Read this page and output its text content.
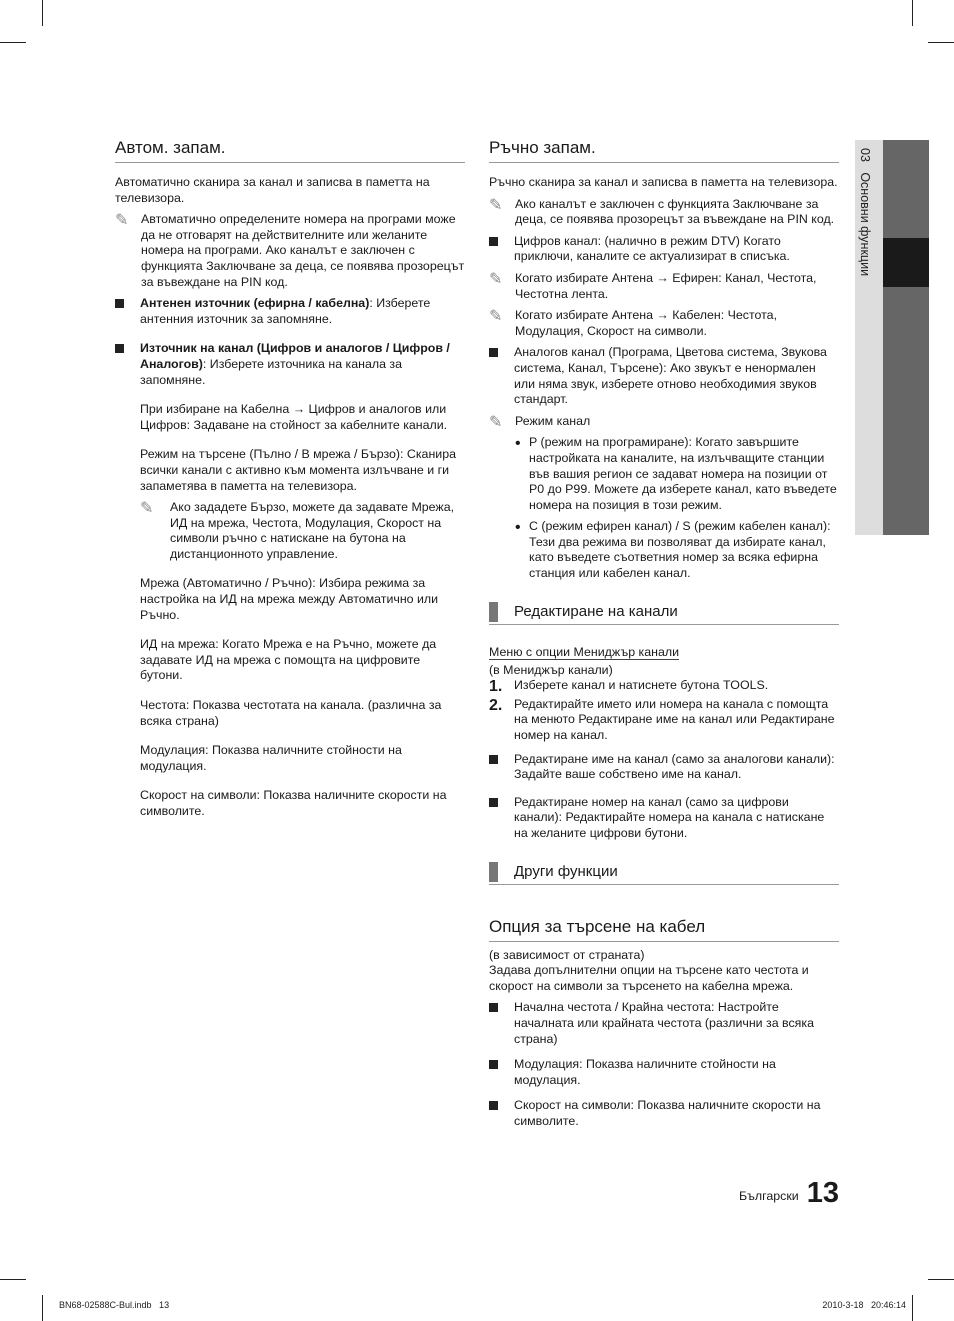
Автом. запам.

Автоматично сканира за канал и записва в паметта на телевизора.

✎ Автоматично определените номера на програми може да не отговарят на действителните или желаните номера на програми. Ако каналът е заключен с функцията Заключване за деца, се появява прозорецът за въвеждане на PIN код.

Антенен източник (ефирна / кабелна): Изберете антенния източник за запомняне.

Източник на канал (Цифров и аналогов / Цифров / Аналогов): Изберете източника на канала за запомняне.

При избиране на Кабелна → Цифров и аналогов или Цифров: Задаване на стойност за кабелните канали.

Режим на търсене (Пълно / В мрежа / Бързо): Сканира всички канали с активно към момента излъчване и ги запаметява в паметта на телевизора.

✎ Ако зададете Бързо, можете да задавате Мрежа, ИД на мрежа, Честота, Модулация, Скорост на символи ръчно с натискане на бутона на дистанционното управление.

Мрежа (Автоматично / Ръчно): Избира режима за настройка на ИД на мрежа между Автоматично или Ръчно.

ИД на мрежа: Когато Мрежа е на Ръчно, можете да задавате ИД на мрежа с помощта на цифровите бутони.

Честота: Показва честотата на канала. (различна за всяка страна)

Модулация: Показва наличните стойности на модулация.

Скорост на символи: Показва наличните скорости на символите.

Ръчно запам.

Ръчно сканира за канал и записва в паметта на телевизора.

✎ Ако каналът е заключен с функцията Заключване за деца, се появява прозорецът за въвеждане на PIN код.

Цифров канал: (налично в режим DTV) Когато приключи, каналите се актуализират в списъка.

✎ Когато избирате Антена → Ефирен: Канал, Честота, Честотна лента.

✎ Когато избирате Антена → Кабелен: Честота, Модулация, Скорост на символи.

Аналогов канал (Програма, Цветова система, Звукова система, Канал, Търсене): Ако звукът е ненормален или няма звук, изберете отново необходимия звуков стандарт.

✎ Режим канал

• P (режим на програмиране): Когато завършите настройката на каналите, на излъчващите станции във вашия регион се задават номера на позиции от P0 до P99. Можете да изберете канал, като въведете номера на позиция в този режим.

• C (режим ефирен канал) / S (режим кабелен канал): Тези два режима ви позволяват да избирате канал, като въведете съответния номер за всяка ефирна станция или кабелен канал.

Редактиране на канали
Меню с опции Мениджър канали

(в Мениджър канали)

1. Изберете канал и натиснете бутона TOOLS.

2. Редактирайте името или номера на канала с помощта на менюто Редактиране име на канал или Редактиране номер на канал.

Редактиране име на канал (само за аналогови канали): Задайте ваше собствено име на канал.

Редактиране номер на канал (само за цифрови канали): Редактирайте номера на канала с натискане на желаните цифрови бутони.

Други функции
Опция за търсене на кабел

(в зависимост от страната)

Задава допълнителни опции на търсене като честота и скорост на символи за търсенето на кабелна мрежа.

Начална честота / Крайна честота: Настройте началната или крайната честота (различни за всяка страна)

Модулация: Показва наличните стойности на модулация.

Скорост на символи: Показва наличните скорости на символите.

03   Основни функции
Български 13
BN68-02588C-Bul.indb   13	2010-3-18   20:46:14
